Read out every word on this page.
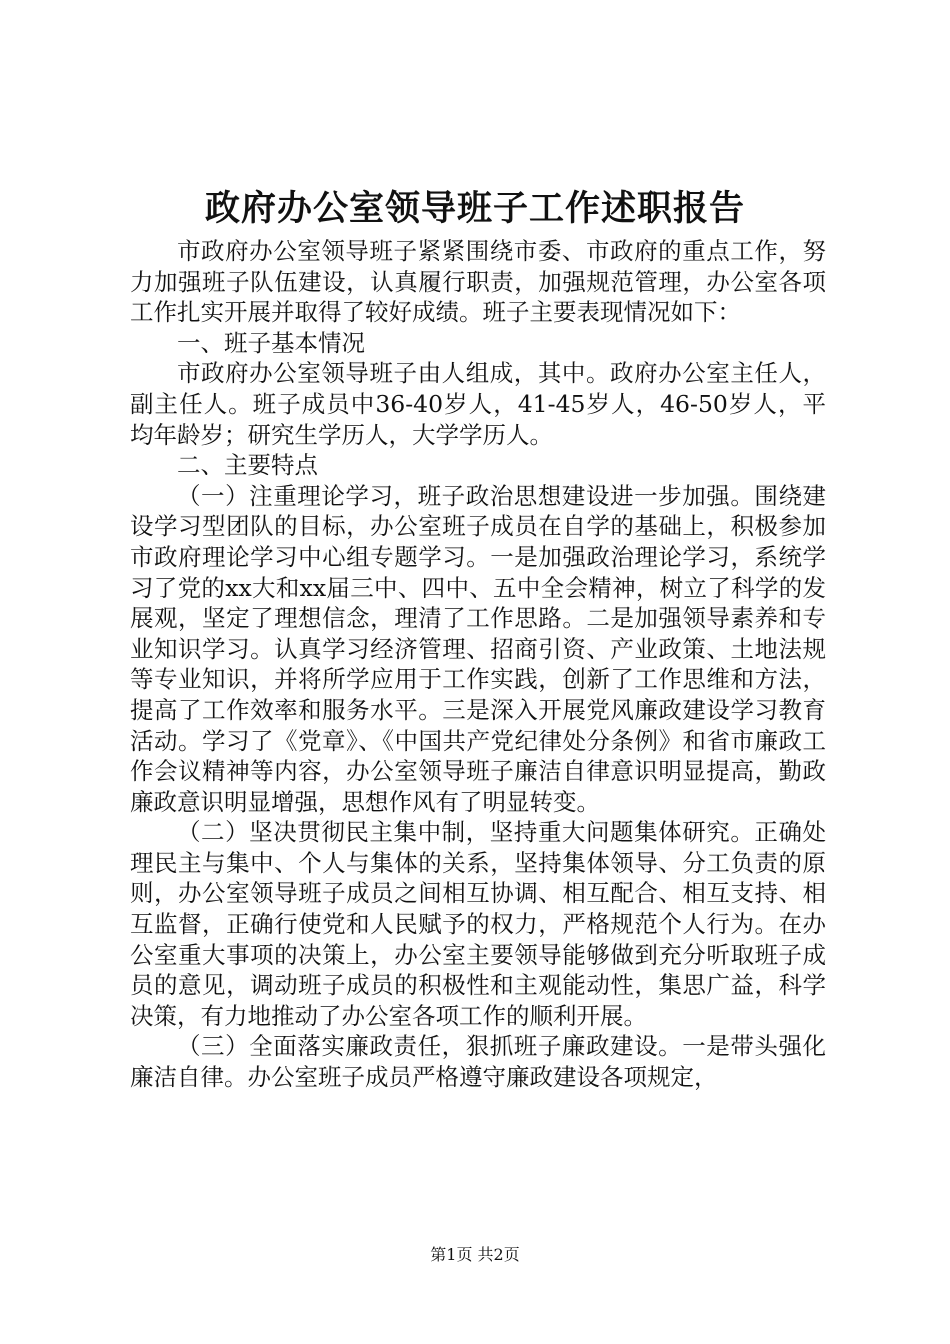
政府办公室领导班子工作述职报告

市政府办公室领导班子紧紧围绕市委、市政府的重点工作，努力加强班子队伍建设，认真履行职责，加强规范管理，办公室各项工作扎实开展并取得了较好成绩。班子主要表现情况如下：

一、班子基本情况

市政府办公室领导班子由人组成，其中。政府办公室主任人，副主任人。班子成员中36-40岁人，41-45岁人，46-50岁人，平均年龄岁；研究生学历人，大学学历人。

二、主要特点

（一）注重理论学习，班子政治思想建设进一步加强。围绕建设学习型团队的目标，办公室班子成员在自学的基础上，积极参加市政府理论学习中心组专题学习。一是加强政治理论学习，系统学习了党的xx大和xx届三中、四中、五中全会精神，树立了科学的发展观，坚定了理想信念，理清了工作思路。二是加强领导素养和专业知识学习。认真学习经济管理、招商引资、产业政策、土地法规等专业知识，并将所学应用于工作实践，创新了工作思维和方法，提高了工作效率和服务水平。三是深入开展党风廉政建设学习教育活动。学习了《党章》、《中国共产党纪律处分条例》和省市廉政工作会议精神等内容，办公室领导班子廉洁自律意识明显提高，勤政廉政意识明显增强，思想作风有了明显转变。

（二）坚决贯彻民主集中制，坚持重大问题集体研究。正确处理民主与集中、个人与集体的关系，坚持集体领导、分工负责的原则，办公室领导班子成员之间相互协调、相互配合、相互支持、相互监督，正确行使党和人民赋予的权力，严格规范个人行为。在办公室重大事项的决策上，办公室主要领导能够做到充分听取班子成员的意见，调动班子成员的积极性和主观能动性，集思广益，科学决策，有力地推动了办公室各项工作的顺利开展。

（三）全面落实廉政责任，狠抓班子廉政建设。一是带头强化廉洁自律。办公室班子成员严格遵守廉政建设各项规定，

第1页 共2页
